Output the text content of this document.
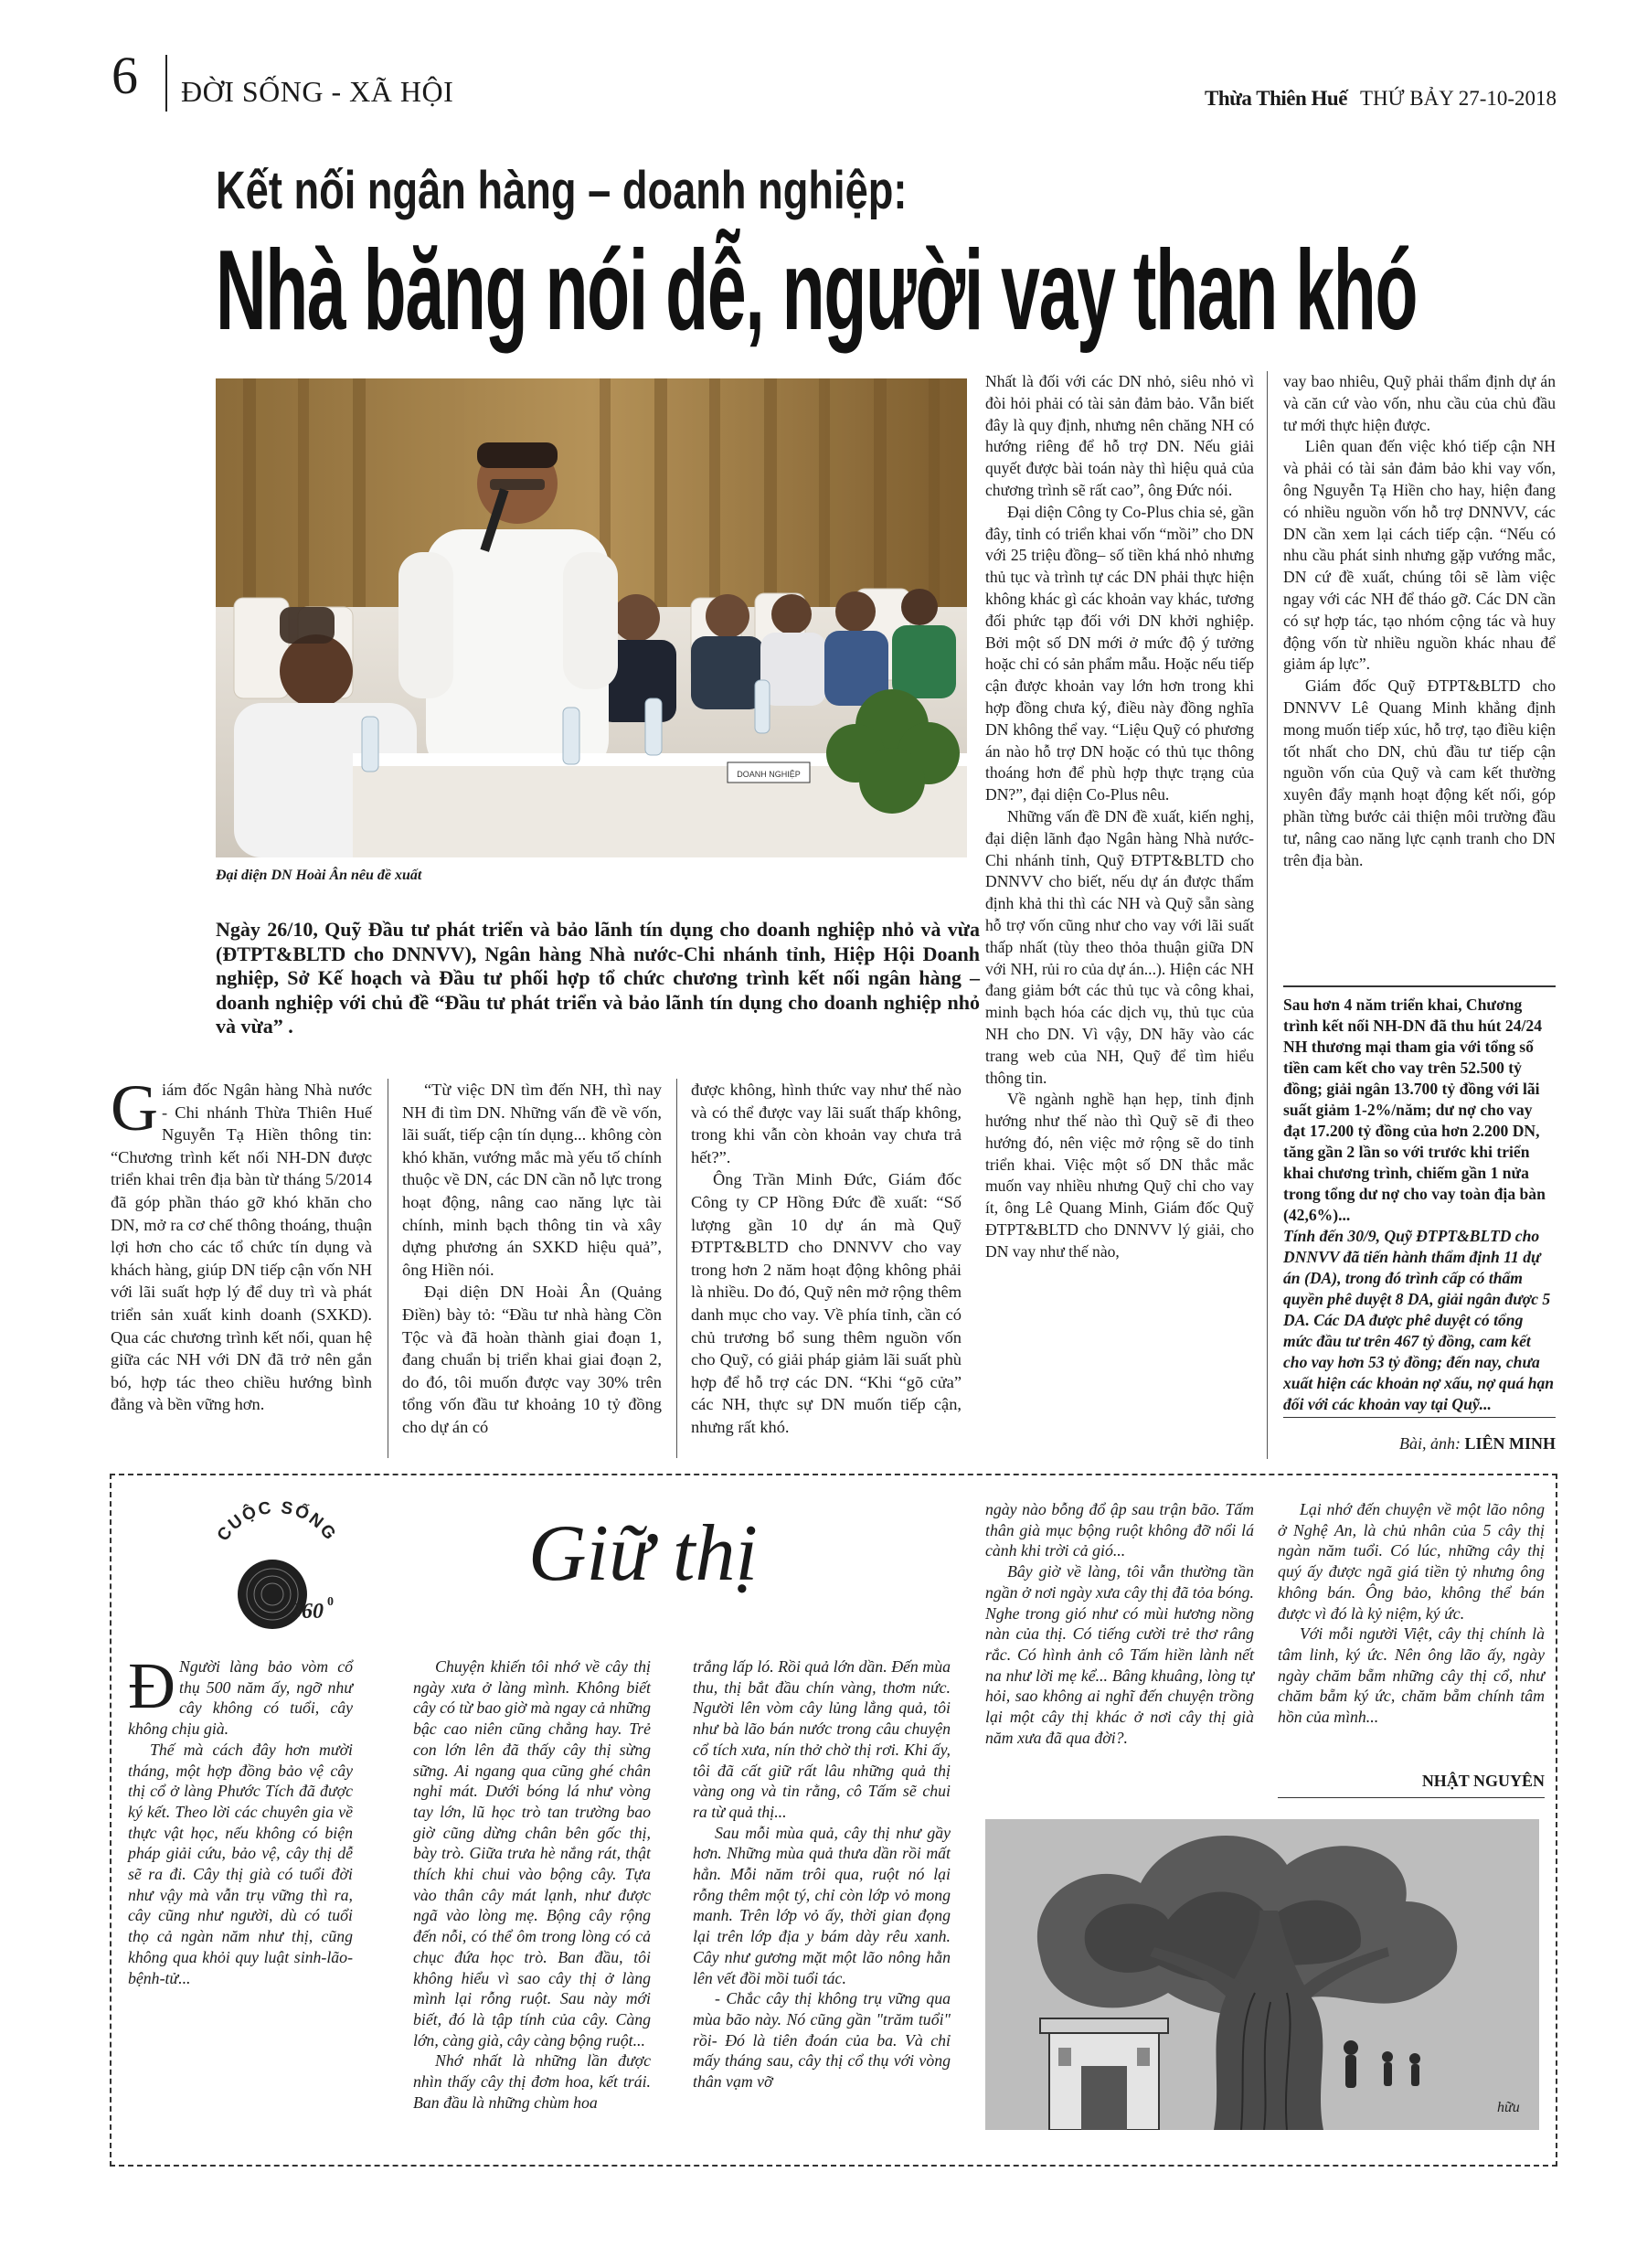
6 ĐỜI SỐNG - XÃ HỘI	Thừa Thiên Huế THỨ BẢY 27-10-2018
Kết nối ngân hàng – doanh nghiệp:
Nhà băng nói dễ, người vay than khó
DOANH NGHIỆP
Đại diện DN Hoài Ân nêu đề xuất
Ngày 26/10, Quỹ Đầu tư phát triển và bảo lãnh tín dụng cho doanh nghiệp nhỏ và vừa (ĐTPT&BLTD cho DNNVV), Ngân hàng Nhà nước-Chi nhánh tỉnh, Hiệp Hội Doanh nghiệp, Sở Kế hoạch và Đầu tư phối hợp tổ chức chương trình kết nối ngân hàng – doanh nghiệp với chủ đề “Đầu tư phát triển và bảo lãnh tín dụng cho doanh nghiệp nhỏ và vừa” .

Giám đốc Ngân hàng Nhà nước - Chi nhánh Thừa Thiên Huế Nguyễn Tạ Hiền thông tin: “Chương trình kết nối NH-DN được triển khai trên địa bàn từ tháng 5/2014 đã góp phần tháo gỡ khó khăn cho DN, mở ra cơ chế thông thoáng, thuận lợi hơn cho các tổ chức tín dụng và khách hàng, giúp DN tiếp cận vốn NH với lãi suất hợp lý để duy trì và phát triển sản xuất kinh doanh (SXKD). Qua các chương trình kết nối, quan hệ giữa các NH với DN đã trở nên gắn bó, hợp tác theo chiều hướng bình đẳng và bền vững hơn.

“Từ việc DN tìm đến NH, thì nay NH đi tìm DN. Những vấn đề về vốn, lãi suất, tiếp cận tín dụng... không còn khó khăn, vướng mắc mà yếu tố chính thuộc về DN, các DN cần nỗ lực trong hoạt động, nâng cao năng lực tài chính, minh bạch thông tin và xây dựng phương án SXKD hiệu quả”, ông Hiền nói.

Đại diện DN Hoài Ân (Quảng Điền) bày tỏ: “Đầu tư nhà hàng Cồn Tộc và đã hoàn thành giai đoạn 1, đang chuẩn bị triển khai giai đoạn 2, do đó, tôi muốn được vay 30% trên tổng vốn đầu tư khoảng 10 tỷ đồng cho dự án có

được không, hình thức vay như thế nào và có thể được vay lãi suất thấp không, trong khi vẫn còn khoản vay chưa trả hết?”.

Ông Trần Minh Đức, Giám đốc Công ty CP Hồng Đức đề xuất: “Số lượng gần 10 dự án mà Quỹ ĐTPT&BLTD cho DNNVV cho vay trong hơn 2 năm hoạt động không phải là nhiều. Do đó, Quỹ nên mở rộng thêm danh mục cho vay. Về phía tỉnh, cần có chủ trương bổ sung thêm nguồn vốn cho Quỹ, có giải pháp giảm lãi suất phù hợp để hỗ trợ các DN. “Khi “gõ cửa” các NH, thực sự DN muốn tiếp cận, nhưng rất khó.

Nhất là đối với các DN nhỏ, siêu nhỏ vì đòi hỏi phải có tài sản đảm bảo. Vẫn biết đây là quy định, nhưng nên chăng NH có hướng riêng để hỗ trợ DN. Nếu giải quyết được bài toán này thì hiệu quả của chương trình sẽ rất cao”, ông Đức nói.

Đại diện Công ty Co-Plus chia sẻ, gần đây, tỉnh có triển khai vốn “mồi” cho DN với 25 triệu đồng– số tiền khá nhỏ nhưng thủ tục và trình tự các DN phải thực hiện không khác gì các khoản vay khác, tương đối phức tạp đối với DN khởi nghiệp. Bởi một số DN mới ở mức độ ý tưởng hoặc chỉ có sản phẩm mẫu. Hoặc nếu tiếp cận được khoản vay lớn hơn trong khi hợp đồng chưa ký, điều này đồng nghĩa DN không thể vay. “Liệu Quỹ có phương án nào hỗ trợ DN hoặc có thủ tục thông thoáng hơn để phù hợp thực trạng của DN?”, đại diện Co-Plus nêu.

Những vấn đề DN đề xuất, kiến nghị, đại diện lãnh đạo Ngân hàng Nhà nước-Chi nhánh tỉnh, Quỹ ĐTPT&BLTD cho DNNVV cho biết, nếu dự án được thẩm định khả thi thì các NH và Quỹ sẵn sàng hỗ trợ vốn cũng như cho vay với lãi suất thấp nhất (tùy theo thỏa thuận giữa DN với NH, rủi ro của dự án...). Hiện các NH đang giảm bớt các thủ tục và công khai, minh bạch hóa các dịch vụ, thủ tục của NH cho DN. Vì vậy, DN hãy vào các trang web của NH, Quỹ để tìm hiểu thông tin.

Về ngành nghề hạn hẹp, tỉnh định hướng như thế nào thì Quỹ sẽ đi theo hướng đó, nên việc mở rộng sẽ do tỉnh triển khai. Việc một số DN thắc mắc muốn vay nhiều nhưng Quỹ chỉ cho vay ít, ông Lê Quang Minh, Giám đốc Quỹ ĐTPT&BLTD cho DNNVV lý giải, cho DN vay như thế nào,

vay bao nhiêu, Quỹ phải thẩm định dự án và căn cứ vào vốn, nhu cầu của chủ đầu tư mới thực hiện được.

Liên quan đến việc khó tiếp cận NH và phải có tài sản đảm bảo khi vay vốn, ông Nguyễn Tạ Hiền cho hay, hiện đang có nhiều nguồn vốn hỗ trợ DNNVV, các DN cần xem lại cách tiếp cận. “Nếu có nhu cầu phát sinh nhưng gặp vướng mắc, DN cứ đề xuất, chúng tôi sẽ làm việc ngay với các NH để tháo gỡ. Các DN cần có sự hợp tác, tạo nhóm cộng tác và huy động vốn từ nhiều nguồn khác nhau để giảm áp lực”.

Giám đốc Quỹ ĐTPT&BLTD cho DNNVV Lê Quang Minh khẳng định mong muốn tiếp xúc, hỗ trợ, tạo điều kiện tốt nhất cho DN, chủ đầu tư tiếp cận nguồn vốn của Quỹ và cam kết thường xuyên đẩy mạnh hoạt động kết nối, góp phần từng bước cải thiện môi trường đầu tư, nâng cao năng lực cạnh tranh cho DN trên địa bàn.

Sau hơn 4 năm triển khai, Chương trình kết nối NH-DN đã thu hút 24/24 NH thương mại tham gia với tổng số tiền cam kết cho vay trên 52.500 tỷ đồng; giải ngân 13.700 tỷ đồng với lãi suất giảm 1-2%/năm; dư nợ cho vay đạt 17.200 tỷ đồng của hơn 2.200 DN, tăng gần 2 lần so với trước khi triển khai chương trình, chiếm gần 1 nửa trong tổng dư nợ cho vay toàn địa bàn (42,6%)...

Tính đến 30/9, Quỹ ĐTPT&BLTD cho DNNVV đã tiến hành thẩm định 11 dự án (DA), trong đó trình cấp có thẩm quyền phê duyệt 8 DA, giải ngân được 5 DA. Các DA được phê duyệt có tổng mức đầu tư trên 467 tỷ đồng, cam kết cho vay hơn 53 tỷ đồng; đến nay, chưa xuất hiện các khoản nợ xấu, nợ quá hạn đối với các khoản vay tại Quỹ...

Bài, ảnh: LIÊN MINH
CUỘC SỐNG
360 0
Giữ thị

Đ Người làng bảo vòm cổ thụ 500 năm ấy, ngỡ như cây không có tuổi, cây không chịu già.

Thế mà cách đây hơn mười tháng, một hợp đồng bảo vệ cây thị cổ ở làng Phước Tích đã được ký kết. Theo lời các chuyên gia về thực vật học, nếu không có biện pháp giải cứu, bảo vệ, cây thị dễ sẽ ra đi. Cây thị già có tuổi đời như vậy mà vẫn trụ vững thì ra, cây cũng như người, dù có tuổi thọ cả ngàn năm như thị, cũng không qua khỏi quy luật sinh-lão-bệnh-tử...

Chuyện khiến tôi nhớ về cây thị ngày xưa ở làng mình. Không biết cây có từ bao giờ mà ngay cả những bậc cao niên cũng chẳng hay. Trẻ con lớn lên đã thấy cây thị sừng sững. Ai ngang qua cũng ghé chân nghỉ mát. Dưới bóng lá như vòng tay lớn, lũ học trò tan trường bao giờ cũng dừng chân bên gốc thị, bày trò. Giữa trưa hè nắng rát, thật thích khi chui vào bộng cây. Tựa vào thân cây mát lạnh, như được ngã vào lòng mẹ. Bộng cây rộng đến nỗi, có thể ôm trong lòng có cả chục đứa học trò. Ban đầu, tôi không hiểu vì sao cây thị ở làng mình lại rỗng ruột. Sau này mới biết, đó là tập tính của cây. Càng lớn, càng già, cây càng bộng ruột...

Nhớ nhất là những lần được nhìn thấy cây thị đơm hoa, kết trái. Ban đầu là những chùm hoa

trắng lấp ló. Rồi quả lớn dần. Đến mùa thu, thị bắt đầu chín vàng, thơm nức. Người lên vòm cây lủng lẳng quả, tôi như bà lão bán nước trong câu chuyện cổ tích xưa, nín thở chờ thị rơi. Khi ấy, tôi đã cất giữ rất lâu những quả thị vàng ong và tin rằng, cô Tấm sẽ chui ra từ quả thị...

Sau mỗi mùa quả, cây thị như gầy hơn. Những mùa quả thưa dần rồi mất hẳn. Mỗi năm trôi qua, ruột nó lại rỗng thêm một tý, chỉ còn lớp vỏ mong manh. Trên lớp vỏ ấy, thời gian đọng lại trên lớp địa y bám dày rêu xanh. Cây như gương mặt một lão nông hằn lên vết đồi mồi tuổi tác.

- Chắc cây thị không trụ vững qua mùa bão này. Nó cũng gần "trăm tuổi" rồi- Đó là tiên đoán của ba. Và chỉ mấy tháng sau, cây thị cổ thụ với vòng thân vạm vỡ

ngày nào bỗng đổ ập sau trận bão. Tấm thân già mục bộng ruột không đỡ nổi lá cành khi trời cả gió...

Bây giờ về làng, tôi vẫn thường tần ngần ở nơi ngày xưa cây thị đã tỏa bóng. Nghe trong gió như có mùi hương nồng nàn của thị. Có tiếng cười trẻ thơ râng rắc. Có hình ảnh cô Tấm hiền lành nết na như lời mẹ kể... Bâng khuâng, lòng tự hỏi, sao không ai nghĩ đến chuyện trồng lại một cây thị khác ở nơi cây thị già năm xưa đã qua đời?.

Lại nhớ đến chuyện về một lão nông ở Nghệ An, là chủ nhân của 5 cây thị ngàn năm tuổi. Có lúc, những cây thị quý ấy được ngã giá tiền tỷ nhưng ông không bán. Ông bảo, không thể bán được vì đó là kỷ niệm, ký ức.

Với mỗi người Việt, cây thị chính là tâm linh, ký ức. Nên ông lão ấy, ngày ngày chăm bẵm những cây thị cổ, như chăm bẵm ký ức, chăm bẵm chính tâm hồn của mình...

NHẬT NGUYÊN
hữu
